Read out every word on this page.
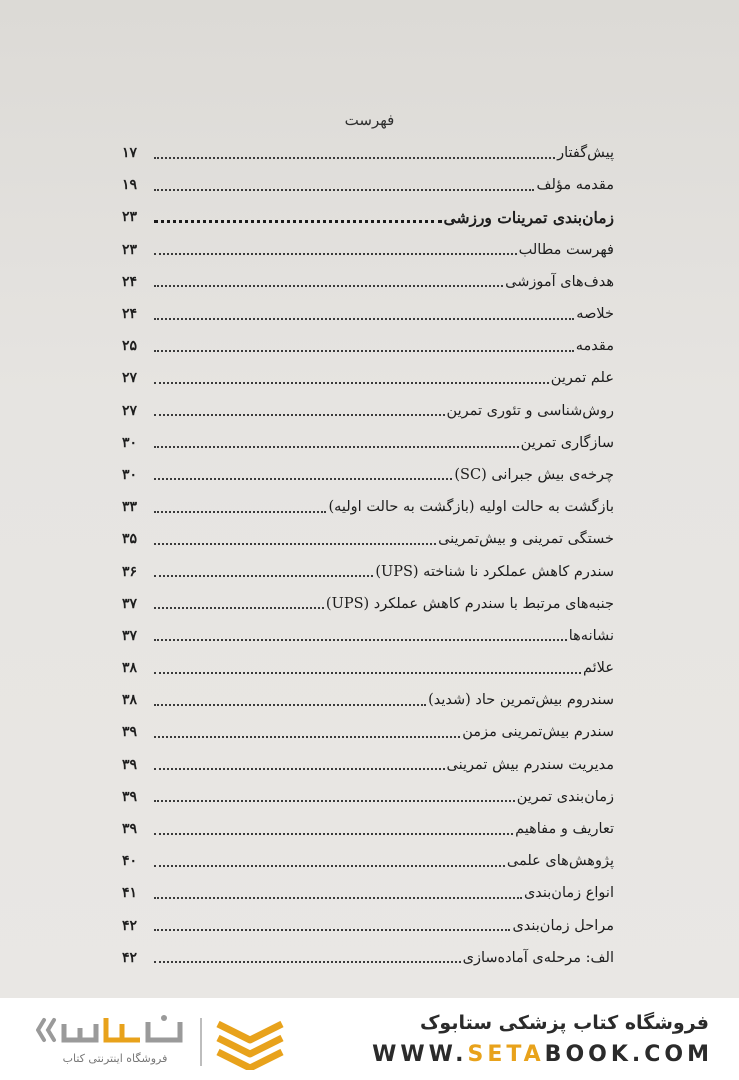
فهرست
پیش‌گفتار
۱۷
مقدمه مؤلف
۱۹
زمان‌بندی تمرینات ورزشی
۲۳
فهرست مطالب
۲۳
هدف‌های آموزشی
۲۴
خلاصه
۲۴
مقدمه
۲۵
علم تمرین
۲۷
روش‌شناسی و تئوری تمرین
۲۷
سازگاری تمرین
۳۰
چرخه‌ی بیش جبرانی (SC)
۳۰
بازگشت به حالت اولیه (بازگشت به حالت اولیه)
۳۳
خستگی تمرینی و بیش‌تمرینی
۳۵
سندرم کاهش عملکرد نا شناخته (UPS)
۳۶
جنبه‌های مرتبط با سندرم کاهش عملکرد (UPS)
۳۷
نشانه‌ها
۳۷
علائم
۳۸
سندروم بیش‌تمرین حاد (شدید)
۳۸
سندرم بیش‌تمرینی مزمن
۳۹
مدیریت سندرم بیش تمرینی
۳۹
زمان‌بندی تمرین
۳۹
تعاریف و مفاهیم
۳۹
پژوهش‌های علمی
۴۰
انواع زمان‌بندی
۴۱
مراحل زمان‌بندی
۴۲
الف: مرحله‌ی آماده‌سازی
۴۲
فروشگاه اینترنتی کتاب
فروشگاه کتاب پزشکی ستابوک
WWW.SETABOOK.COM
